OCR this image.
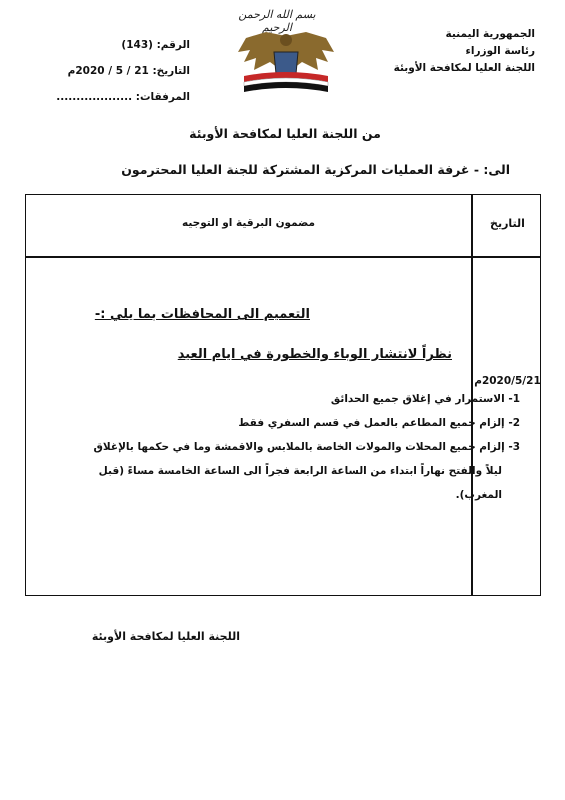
بسم الله الرحمن الرحيم	الجمهورية اليمنية
رئاسة الوزراء
اللجنة العليا لمكافحة الأوبئة
الرقم: (143)
التاريخ: 21 / 5 / 2020م
المرفقات: ...................
من اللجنة العليا لمكافحة الأوبئة
الى: - غرفة العمليات المركزية المشتركة للجنة العليا المحترمون
مضمون البرقية او التوجيه	التاريخ
2020/5/21م
التعميم الى المحافظات بما يلي :-
نظراً لانتشار الوباء والخطورة في ايام العيد
1- الاستمرار في إغلاق جميع الحدائق
2- إلزام جميع المطاعم بالعمل في قسم السفري فقط
3- إلزام جميع المحلات والمولات الخاصة بالملابس والاقمشة وما في حكمها بالإغلاق
ليلاً والفتح نهاراً ابتداء من الساعة الرابعة فجراً الى الساعة الخامسة مساءً (قبل
المغرب).
اللجنة العليا لمكافحة الأوبئة
